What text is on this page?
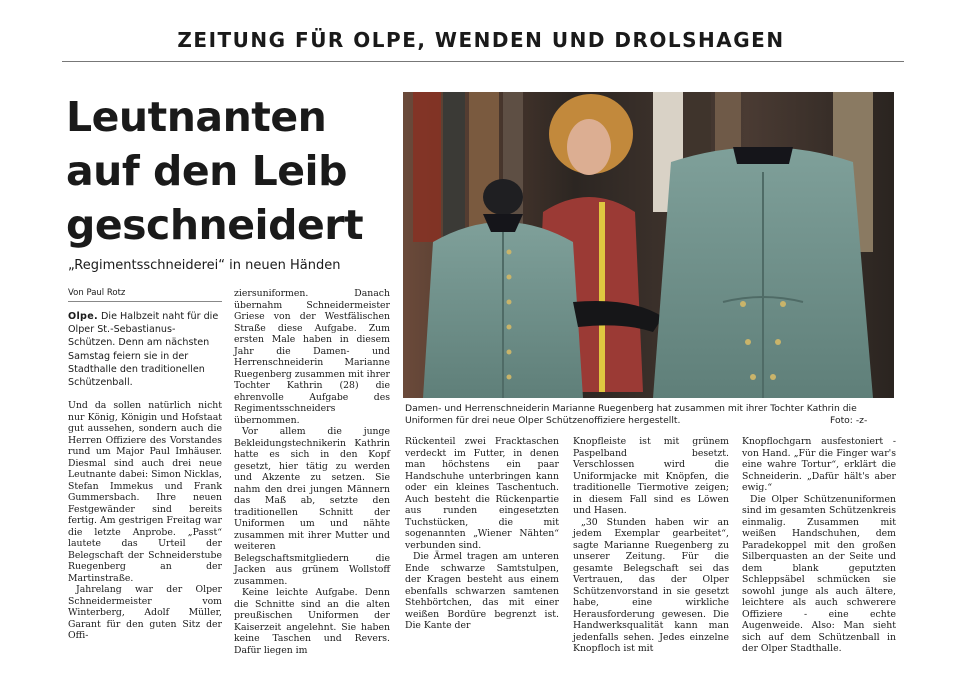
ZEITUNG FÜR OLPE, WENDEN UND DROLSHAGEN
Leutnanten
auf den Leib
geschneidert
„Regimentsschneiderei“ in neuen Händen
Von Paul Rotz
Olpe. Die Halbzeit naht für die Olper St.-Sebastianus-Schützen. Denn am nächsten Samstag feiern sie in der Stadthalle den traditionellen Schützenball.

Und da sollen natürlich nicht nur König, Königin und Hofstaat gut aussehen, sondern auch die Herren Offiziere des Vorstandes rund um Major Paul Imhäuser. Diesmal sind auch drei neue Leutnante dabei: Simon Nicklas, Stefan Immekus und Frank Gummersbach. Ihre neuen Festgewänder sind bereits fertig. Am gestrigen Freitag war die letzte Anprobe. „Passt“ lautete das Urteil der Belegschaft der Schneiderstube Ruegenberg an der Martinstraße.

Jahrelang war der Olper Schneidermeister vom Winterberg, Adolf Müller, Garant für den guten Sitz der Offi-

ziersuniformen. Danach übernahm Schneidermeister Griese von der Westfälischen Straße diese Aufgabe. Zum ersten Male haben in diesem Jahr die Damen- und Herrenschneiderin Marianne Ruegenberg zusammen mit ihrer Tochter Kathrin (28) die ehrenvolle Aufgabe des Regimentsschneiders übernommen.

Vor allem die junge Bekleidungstechnikerin Kathrin hatte es sich in den Kopf gesetzt, hier tätig zu werden und Akzente zu setzen. Sie nahm den drei jungen Männern das Maß ab, setzte den traditionellen Schnitt der Uniformen um und nähte zusammen mit ihrer Mutter und weiteren Belegschaftsmitgliedern die Jacken aus grünem Wollstoff zusammen.

Keine leichte Aufgabe. Denn die Schnitte sind an die alten preußischen Uniformen der Kaiserzeit angelehnt. Sie haben keine Taschen und Revers. Dafür liegen im

Rückenteil zwei Fracktaschen verdeckt im Futter, in denen man höchstens ein paar Handschuhe unterbringen kann oder ein kleines Taschentuch. Auch besteht die Rückenpartie aus runden eingesetzten Tuchstücken, die mit sogenannten „Wiener Nähten“ verbunden sind.

Die Ärmel tragen am unteren Ende schwarze Samtstulpen, der Kragen besteht aus einem ebenfalls schwarzen samtenen Stehbörtchen, das mit einer weißen Bordüre begrenzt ist. Die Kante der

Knopfleiste ist mit grünem Paspelband besetzt. Verschlossen wird die Uniformjacke mit Knöpfen, die traditionelle Tiermotive zeigen; in diesem Fall sind es Löwen und Hasen.

„30 Stunden haben wir an jedem Exemplar gearbeitet“, sagte Marianne Ruegenberg zu unserer Zeitung. Für die gesamte Belegschaft sei das Vertrauen, das der Olper Schützenvorstand in sie gesetzt habe, eine wirkliche Herausforderung gewesen. Die Handwerksqualität kann man jedenfalls sehen. Jedes einzelne Knopfloch ist mit

Knopflochgarn ausfestoniert - von Hand. „Für die Finger war's eine wahre Tortur“, erklärt die Schneiderin. „Dafür hält's aber ewig.“

Die Olper Schützenuniformen sind im gesamten Schützenkreis einmalig. Zusammen mit weißen Handschuhen, dem Paradekoppel mit den großen Silberquasten an der Seite und dem blank geputzten Schleppsäbel schmücken sie sowohl junge als auch ältere, leichtere als auch schwerere Offiziere - eine echte Augenweide. Also: Man sieht sich auf dem Schützenball in der Olper Stadthalle.

Damen- und Herrenschneiderin Marianne Ruegenberg hat zusammen mit ihrer Tochter Kathrin die Uniformen für drei neue Olper Schützenoffiziere hergestellt.	Foto: -z-
